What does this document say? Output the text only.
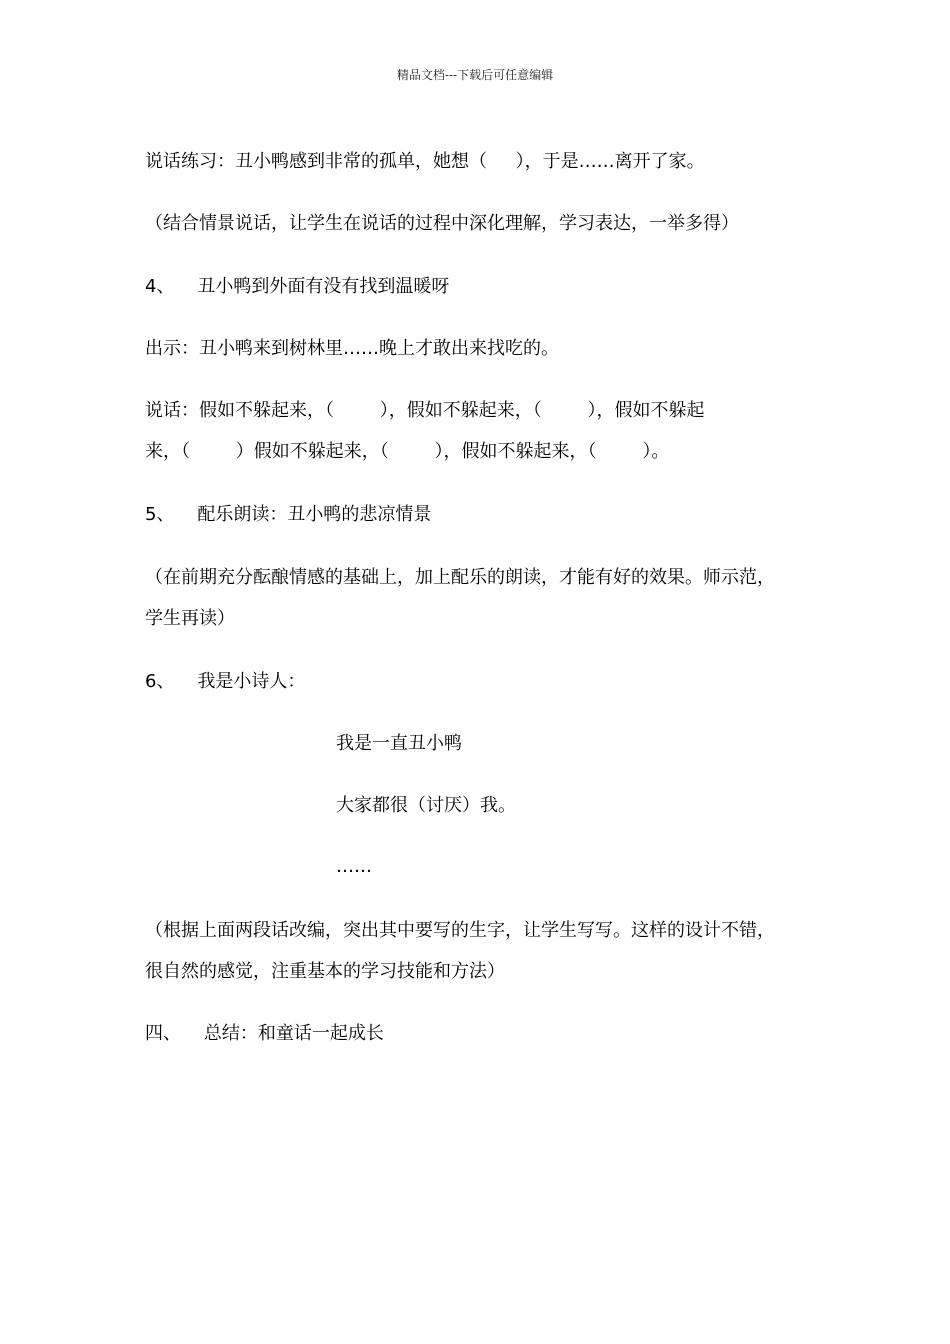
精品文档---下载后可任意编辑
说话练习：丑小鸭感到非常的孤单，她想（     ），于是……离开了家。
（结合情景说话，让学生在说话的过程中深化理解，学习表达，一举多得）
4、    丑小鸭到外面有没有找到温暖呀
出示：丑小鸭来到树林里……晚上才敢出来找吃的。
说话：假如不躲起来，（        ），假如不躲起来，（        ），假如不躲起
来，（        ）假如不躲起来，（        ），假如不躲起来，（        ）。
5、    配乐朗读：丑小鸭的悲凉情景
（在前期充分酝酿情感的基础上，加上配乐的朗读，才能有好的效果。师示范，
学生再读）
6、    我是小诗人：
我是一直丑小鸭
大家都很（讨厌）我。
……
（根据上面两段话改编，突出其中要写的生字，让学生写写。这样的设计不错，
很自然的感觉，注重基本的学习技能和方法）
四、    总结：和童话一起成长
